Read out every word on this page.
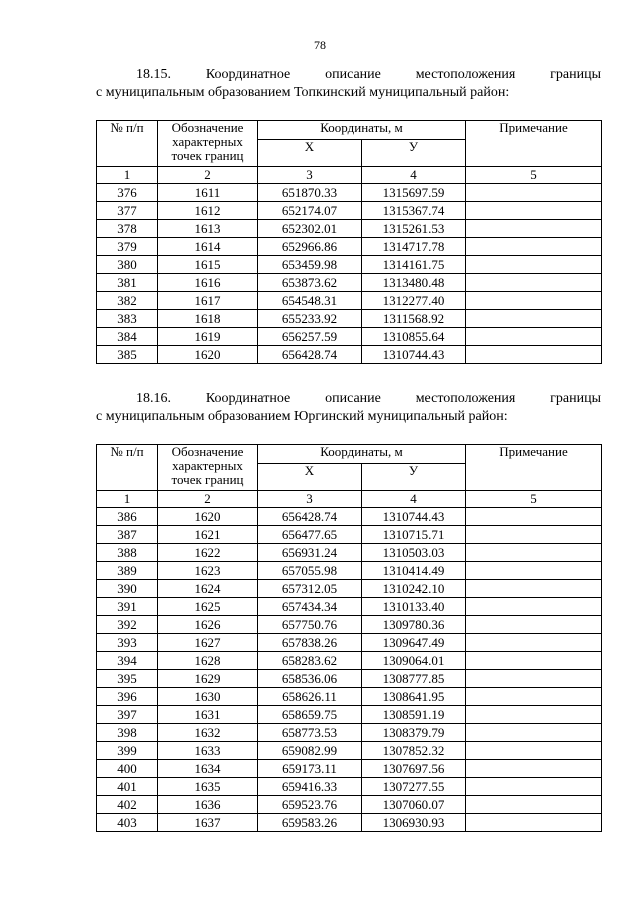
78
18.15. Координатное описание местоположения границы
с муниципальным образованием Топкинский муниципальный район:
№ п/п	Обозначение характерных точек границ	Координаты, м		Примечание
		Х	У	
1	2	3	4	5
376	1611	651870.33	1315697.59	
377	1612	652174.07	1315367.74	
378	1613	652302.01	1315261.53	
379	1614	652966.86	1314717.78	
380	1615	653459.98	1314161.75	
381	1616	653873.62	1313480.48	
382	1617	654548.31	1312277.40	
383	1618	655233.92	1311568.92	
384	1619	656257.59	1310855.64	
385	1620	656428.74	1310744.43	
18.16. Координатное описание местоположения границы
с муниципальным образованием Юргинский муниципальный район:
№ п/п	Обозначение характерных точек границ	Координаты, м		Примечание
		Х	У	
1	2	3	4	5
386	1620	656428.74	1310744.43	
387	1621	656477.65	1310715.71	
388	1622	656931.24	1310503.03	
389	1623	657055.98	1310414.49	
390	1624	657312.05	1310242.10	
391	1625	657434.34	1310133.40	
392	1626	657750.76	1309780.36	
393	1627	657838.26	1309647.49	
394	1628	658283.62	1309064.01	
395	1629	658536.06	1308777.85	
396	1630	658626.11	1308641.95	
397	1631	658659.75	1308591.19	
398	1632	658773.53	1308379.79	
399	1633	659082.99	1307852.32	
400	1634	659173.11	1307697.56	
401	1635	659416.33	1307277.55	
402	1636	659523.76	1307060.07	
403	1637	659583.26	1306930.93	
